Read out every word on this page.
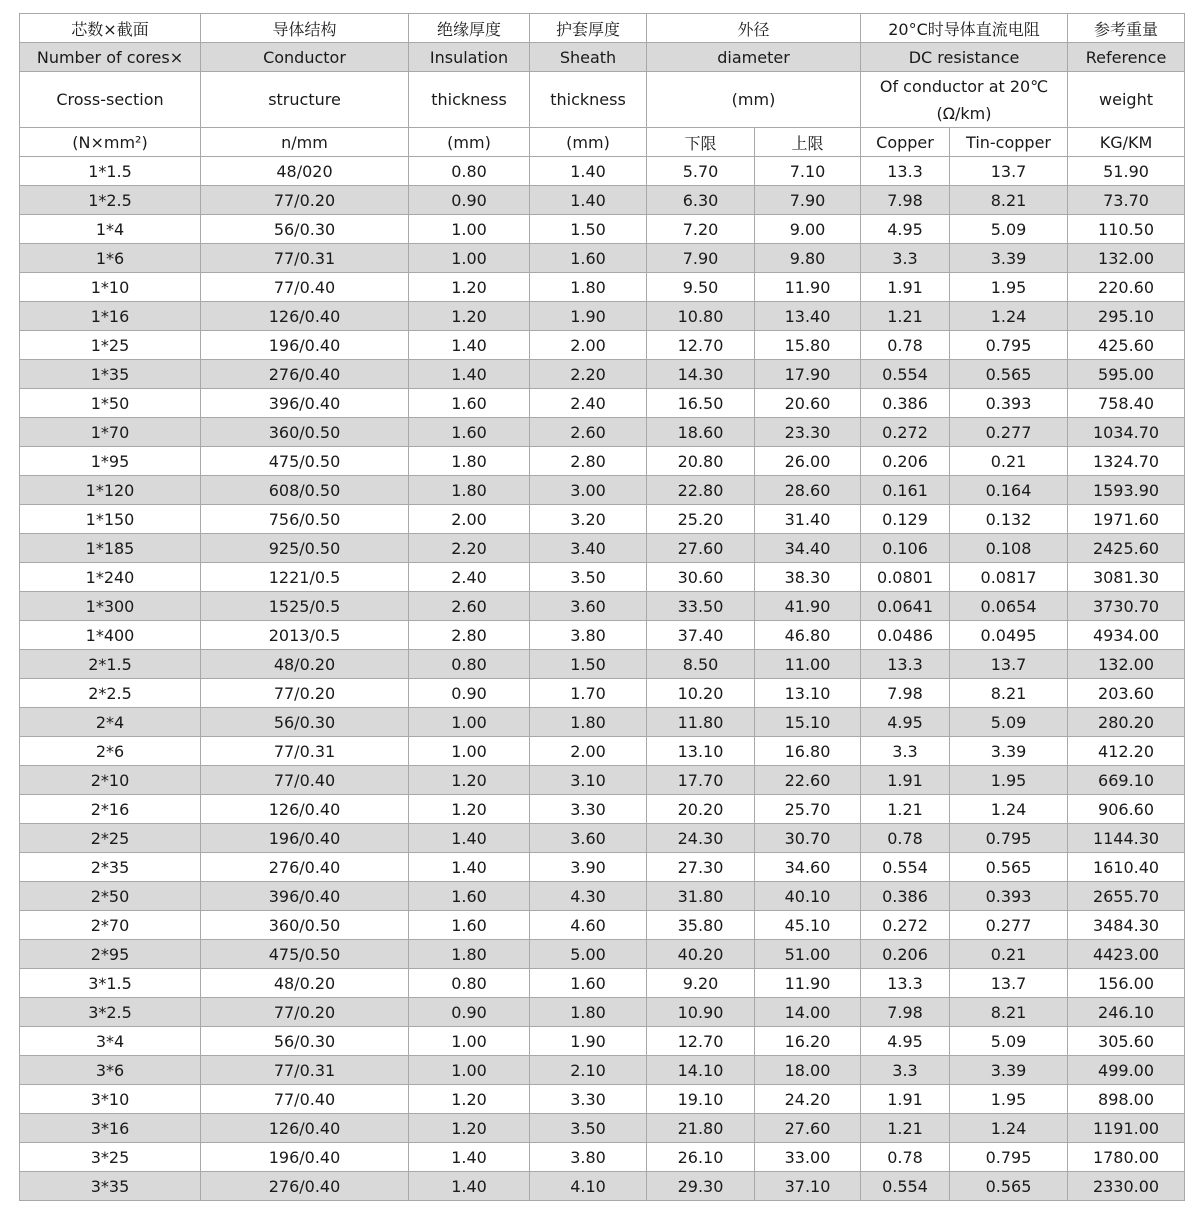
芯数×截面	导体结构	绝缘厚度	护套厚度	外径		20°C时导体直流电阻		参考重量
Number of cores×	Conductor	Insulation	Sheath	diameter		DC resistance		Reference
Cross-section	structure	thickness	thickness	(mm)		Of conductor at 20℃(Ω/km)		weight
(N×mm²)	n/mm	(mm)	(mm)	下限	上限	Copper	Tin-copper	KG/KM
1*1.5	48/020	0.80	1.40	5.70	7.10	13.3	13.7	51.90
1*2.5	77/0.20	0.90	1.40	6.30	7.90	7.98	8.21	73.70
1*4	56/0.30	1.00	1.50	7.20	9.00	4.95	5.09	110.50
1*6	77/0.31	1.00	1.60	7.90	9.80	3.3	3.39	132.00
1*10	77/0.40	1.20	1.80	9.50	11.90	1.91	1.95	220.60
1*16	126/0.40	1.20	1.90	10.80	13.40	1.21	1.24	295.10
1*25	196/0.40	1.40	2.00	12.70	15.80	0.78	0.795	425.60
1*35	276/0.40	1.40	2.20	14.30	17.90	0.554	0.565	595.00
1*50	396/0.40	1.60	2.40	16.50	20.60	0.386	0.393	758.40
1*70	360/0.50	1.60	2.60	18.60	23.30	0.272	0.277	1034.70
1*95	475/0.50	1.80	2.80	20.80	26.00	0.206	0.21	1324.70
1*120	608/0.50	1.80	3.00	22.80	28.60	0.161	0.164	1593.90
1*150	756/0.50	2.00	3.20	25.20	31.40	0.129	0.132	1971.60
1*185	925/0.50	2.20	3.40	27.60	34.40	0.106	0.108	2425.60
1*240	1221/0.5	2.40	3.50	30.60	38.30	0.0801	0.0817	3081.30
1*300	1525/0.5	2.60	3.60	33.50	41.90	0.0641	0.0654	3730.70
1*400	2013/0.5	2.80	3.80	37.40	46.80	0.0486	0.0495	4934.00
2*1.5	48/0.20	0.80	1.50	8.50	11.00	13.3	13.7	132.00
2*2.5	77/0.20	0.90	1.70	10.20	13.10	7.98	8.21	203.60
2*4	56/0.30	1.00	1.80	11.80	15.10	4.95	5.09	280.20
2*6	77/0.31	1.00	2.00	13.10	16.80	3.3	3.39	412.20
2*10	77/0.40	1.20	3.10	17.70	22.60	1.91	1.95	669.10
2*16	126/0.40	1.20	3.30	20.20	25.70	1.21	1.24	906.60
2*25	196/0.40	1.40	3.60	24.30	30.70	0.78	0.795	1144.30
2*35	276/0.40	1.40	3.90	27.30	34.60	0.554	0.565	1610.40
2*50	396/0.40	1.60	4.30	31.80	40.10	0.386	0.393	2655.70
2*70	360/0.50	1.60	4.60	35.80	45.10	0.272	0.277	3484.30
2*95	475/0.50	1.80	5.00	40.20	51.00	0.206	0.21	4423.00
3*1.5	48/0.20	0.80	1.60	9.20	11.90	13.3	13.7	156.00
3*2.5	77/0.20	0.90	1.80	10.90	14.00	7.98	8.21	246.10
3*4	56/0.30	1.00	1.90	12.70	16.20	4.95	5.09	305.60
3*6	77/0.31	1.00	2.10	14.10	18.00	3.3	3.39	499.00
3*10	77/0.40	1.20	3.30	19.10	24.20	1.91	1.95	898.00
3*16	126/0.40	1.20	3.50	21.80	27.60	1.21	1.24	1191.00
3*25	196/0.40	1.40	3.80	26.10	33.00	0.78	0.795	1780.00
3*35	276/0.40	1.40	4.10	29.30	37.10	0.554	0.565	2330.00
